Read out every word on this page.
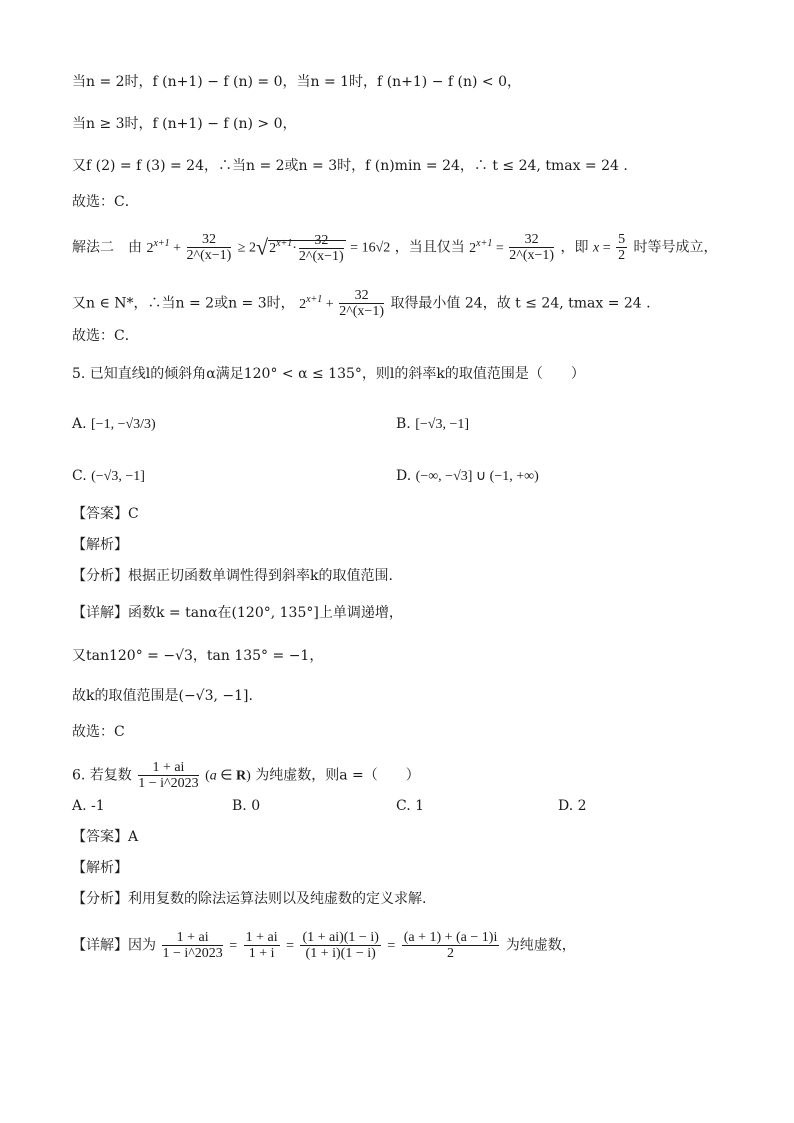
当n = 2时，f (n+1) − f (n) = 0，当n = 1时，f (n+1) − f (n) < 0，
当n ≥ 3时，f (n+1) − f (n) > 0，
又f (2) = f (3) = 24，∴当n = 2或n = 3时，f (n)min = 24，∴ t ≤ 24, tmax = 24 .
故选：C．
解法二　由 $2^{x+1} + \frac{32}{2\^{}(x-1)} \ge 2√2^{x+1}\cdot \frac{32}{2\^{}(x-1)} = 16√2$ ，当且仅当 $2^{x+1} = \frac{32}{2\^{}(x-1)}$ ，即 $x = \frac{5}{2}$ 时等号成立，
又n ∈ N*，∴当n = 2或n = 3时， $2^{x+1} + \frac{32}{2\^{}(x-1)}$ 取得最小值 24，故 t ≤ 24, tmax = 24 .
故选：C．
5. 已知直线l的倾斜角α满足120° < α ≤ 135°，则l的斜率k的取值范围是（　　）
A. [−1, −√3/3)	B. [−√3, −1]
C. (−√3, −1]	D. (−∞, −√3] ∪ (−1, +∞)
【答案】C
【解析】
【分析】根据正切函数单调性得到斜率k的取值范围.
【详解】函数k = tanα在(120°, 135°]上单调递增，
又tan120° = −√3，tan 135° = −1，
故k的取值范围是(−√3, −1].
故选：C
6. 若复数 $\frac{1 + ai}{1 - i\^{}2023} (a$ ∈ R) 为纯虚数，则a =（　　）
A. -1	B. 0	C. 1	D. 2
【答案】A
【解析】
【分析】利用复数的除法运算法则以及纯虚数的定义求解.
【详解】因为 $\frac{1 + ai}{1 - i\^{}2023} = \frac{1 + ai}{1 + i} = \frac{(1 + ai)(1 - i)}{(1 + i)(1 - i)} = \frac{(a + 1) + (a - 1)i}{2}$ 为纯虚数，
